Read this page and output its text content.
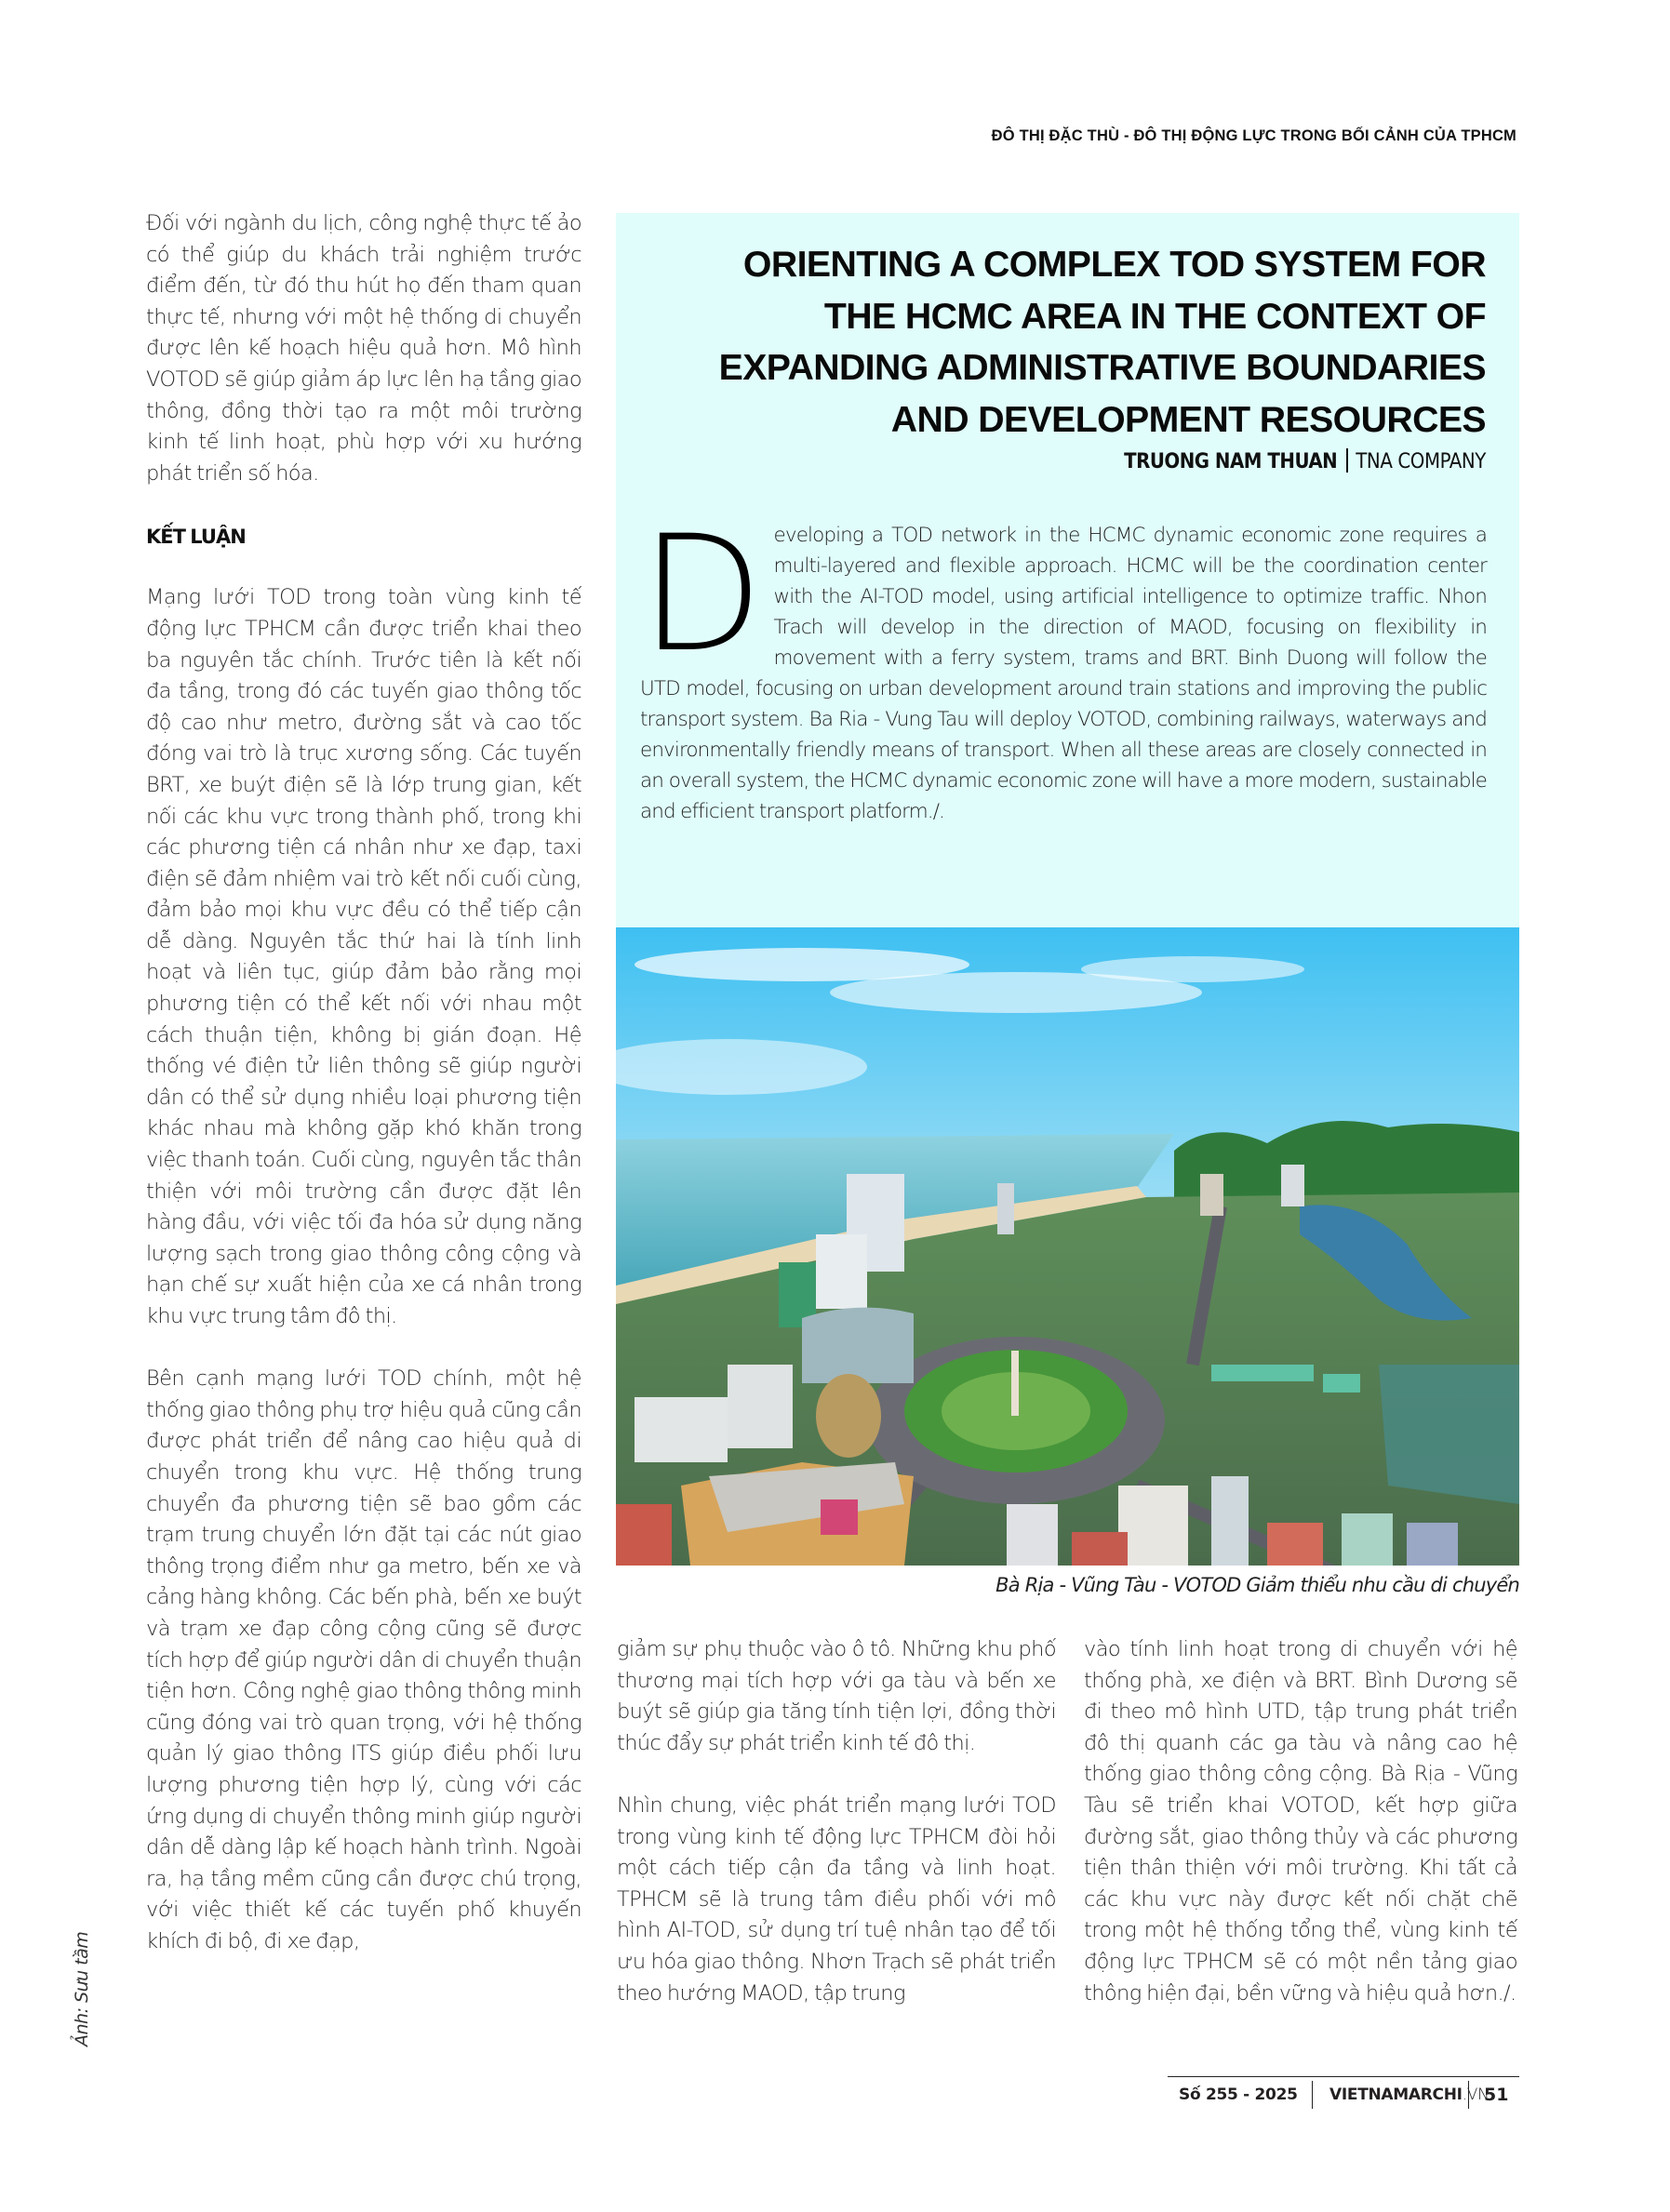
ĐÔ THỊ ĐẶC THÙ - ĐÔ THỊ ĐỘNG LỰC TRONG BỐI CẢNH CỦA TPHCM

Đối với ngành du lịch, công nghệ thực tế ảo có thể giúp du khách trải nghiệm trước điểm đến, từ đó thu hút họ đến tham quan thực tế, nhưng với một hệ thống di chuyển được lên kế hoạch hiệu quả hơn. Mô hình VOTOD sẽ giúp giảm áp lực lên hạ tầng giao thông, đồng thời tạo ra một môi trường kinh tế linh hoạt, phù hợp với xu hướng phát triển số hóa.

KẾT LUẬN

Mạng lưới TOD trong toàn vùng kinh tế động lực TPHCM cần được triển khai theo ba nguyên tắc chính. Trước tiên là kết nối đa tầng, trong đó các tuyến giao thông tốc độ cao như metro, đường sắt và cao tốc đóng vai trò là trục xương sống. Các tuyến BRT, xe buýt điện sẽ là lớp trung gian, kết nối các khu vực trong thành phố, trong khi các phương tiện cá nhân như xe đạp, taxi điện sẽ đảm nhiệm vai trò kết nối cuối cùng, đảm bảo mọi khu vực đều có thể tiếp cận dễ dàng. Nguyên tắc thứ hai là tính linh hoạt và liên tục, giúp đảm bảo rằng mọi phương tiện có thể kết nối với nhau một cách thuận tiện, không bị gián đoạn. Hệ thống vé điện tử liên thông sẽ giúp người dân có thể sử dụng nhiều loại phương tiện khác nhau mà không gặp khó khăn trong việc thanh toán. Cuối cùng, nguyên tắc thân thiện với môi trường cần được đặt lên hàng đầu, với việc tối đa hóa sử dụng năng lượng sạch trong giao thông công cộng và hạn chế sự xuất hiện của xe cá nhân trong khu vực trung tâm đô thị.

Bên cạnh mạng lưới TOD chính, một hệ thống giao thông phụ trợ hiệu quả cũng cần được phát triển để nâng cao hiệu quả di chuyển trong khu vực. Hệ thống trung chuyển đa phương tiện sẽ bao gồm các trạm trung chuyển lớn đặt tại các nút giao thông trọng điểm như ga metro, bến xe và cảng hàng không. Các bến phà, bến xe buýt và trạm xe đạp công cộng cũng sẽ được tích hợp để giúp người dân di chuyển thuận tiện hơn. Công nghệ giao thông thông minh cũng đóng vai trò quan trọng, với hệ thống quản lý giao thông ITS giúp điều phối lưu lượng phương tiện hợp lý, cùng với các ứng dụng di chuyển thông minh giúp người dân dễ dàng lập kế hoạch hành trình. Ngoài ra, hạ tầng mềm cũng cần được chú trọng, với việc thiết kế các tuyến phố khuyến khích đi bộ, đi xe đạp,

ORIENTING A COMPLEX TOD SYSTEM FOR
THE HCMC AREA IN THE CONTEXT OF
EXPANDING ADMINISTRATIVE BOUNDARIES
AND DEVELOPMENT RESOURCES
TRUONG NAM THUAN TNA COMPANY
D eveloping a TOD network in the HCMC dynamic economic zone requires a multi-layered and flexible approach. HCMC will be the coordination center with the AI-TOD model, using artificial intelligence to optimize traffic. Nhon Trach will develop in the direction of MAOD, focusing on flexibility in movement with a ferry system, trams and BRT. Binh Duong will follow the UTD model, focusing on urban development around train stations and improving the public transport system. Ba Ria - Vung Tau will deploy VOTOD, combining railways, waterways and environmentally friendly means of transport. When all these areas are closely connected in an overall system, the HCMC dynamic economic zone will have a more modern, sustainable and efficient transport platform./.
Bà Rịa - Vũng Tàu - VOTOD Giảm thiểu nhu cầu di chuyển
Ảnh: Sưu tầm

giảm sự phụ thuộc vào ô tô. Những khu phố thương mại tích hợp với ga tàu và bến xe buýt sẽ giúp gia tăng tính tiện lợi, đồng thời thúc đẩy sự phát triển kinh tế đô thị.

Nhìn chung, việc phát triển mạng lưới TOD trong vùng kinh tế động lực TPHCM đòi hỏi một cách tiếp cận đa tầng và linh hoạt. TPHCM sẽ là trung tâm điều phối với mô hình AI-TOD, sử dụng trí tuệ nhân tạo để tối ưu hóa giao thông. Nhơn Trạch sẽ phát triển theo hướng MAOD, tập trung

vào tính linh hoạt trong di chuyển với hệ thống phà, xe điện và BRT. Bình Dương sẽ đi theo mô hình UTD, tập trung phát triển đô thị quanh các ga tàu và nâng cao hệ thống giao thông công cộng. Bà Rịa - Vũng Tàu sẽ triển khai VOTOD, kết hợp giữa đường sắt, giao thông thủy và các phương tiện thân thiện với môi trường. Khi tất cả các khu vực này được kết nối chặt chẽ trong một hệ thống tổng thể, vùng kinh tế động lực TPHCM sẽ có một nền tảng giao thông hiện đại, bền vững và hiệu quả hơn./.

Số 255 - 2025	VIETNAMARCHI.VN
51
